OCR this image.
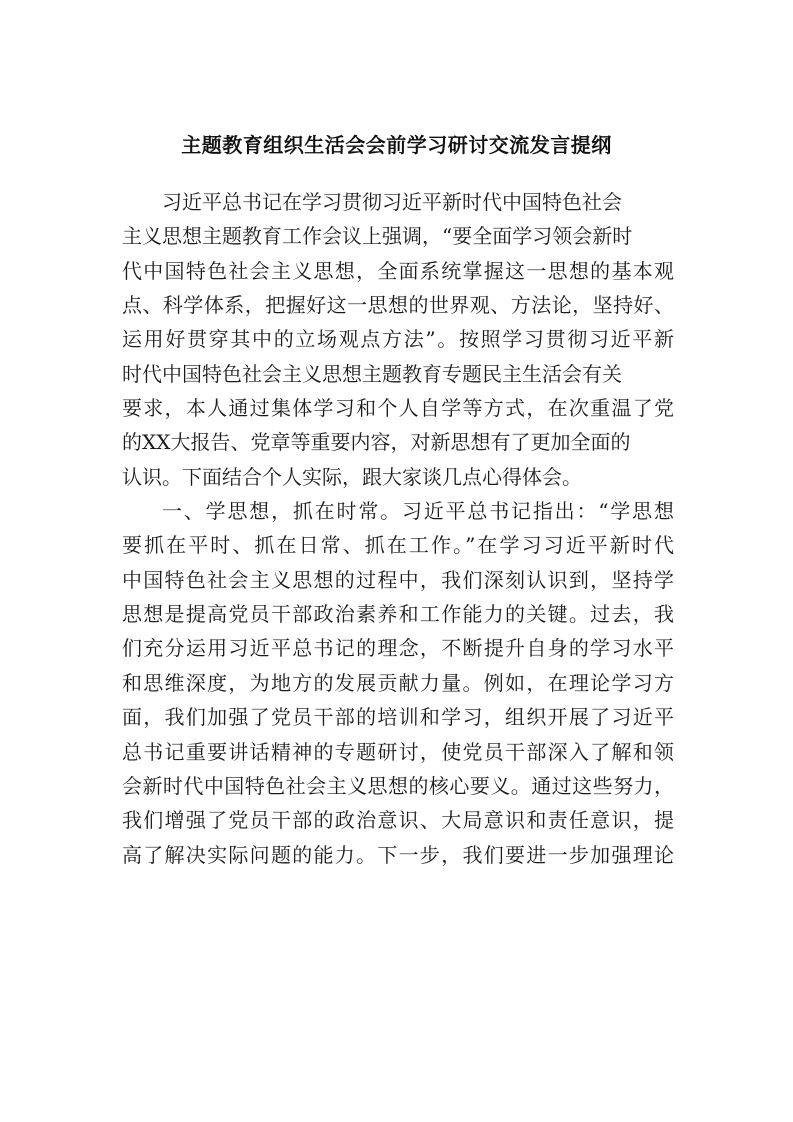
主题教育组织生活会会前学习研讨交流发言提纲
习近平总书记在学习贯彻习近平新时代中国特色社会
主义思想主题教育工作会议上强调，“要全面学习领会新时
代中国特色社会主义思想，全面系统掌握这一思想的基本观
点、科学体系，把握好这一思想的世界观、方法论，坚持好、
运用好贯穿其中的立场观点方法”。按照学习贯彻习近平新
时代中国特色社会主义思想主题教育专题民主生活会有关
要求，本人通过集体学习和个人自学等方式，在次重温了党
的XX大报告、党章等重要内容，对新思想有了更加全面的
认识。下面结合个人实际，跟大家谈几点心得体会。
一、学思想，抓在时常。习近平总书记指出：“学思想
要抓在平时、抓在日常、抓在工作。”在学习习近平新时代
中国特色社会主义思想的过程中，我们深刻认识到，坚持学
思想是提高党员干部政治素养和工作能力的关键。过去，我
们充分运用习近平总书记的理念，不断提升自身的学习水平
和思维深度，为地方的发展贡献力量。例如，在理论学习方
面，我们加强了党员干部的培训和学习，组织开展了习近平
总书记重要讲话精神的专题研讨，使党员干部深入了解和领
会新时代中国特色社会主义思想的核心要义。通过这些努力，
我们增强了党员干部的政治意识、大局意识和责任意识，提
高了解决实际问题的能力。下一步，我们要进一步加强理论
